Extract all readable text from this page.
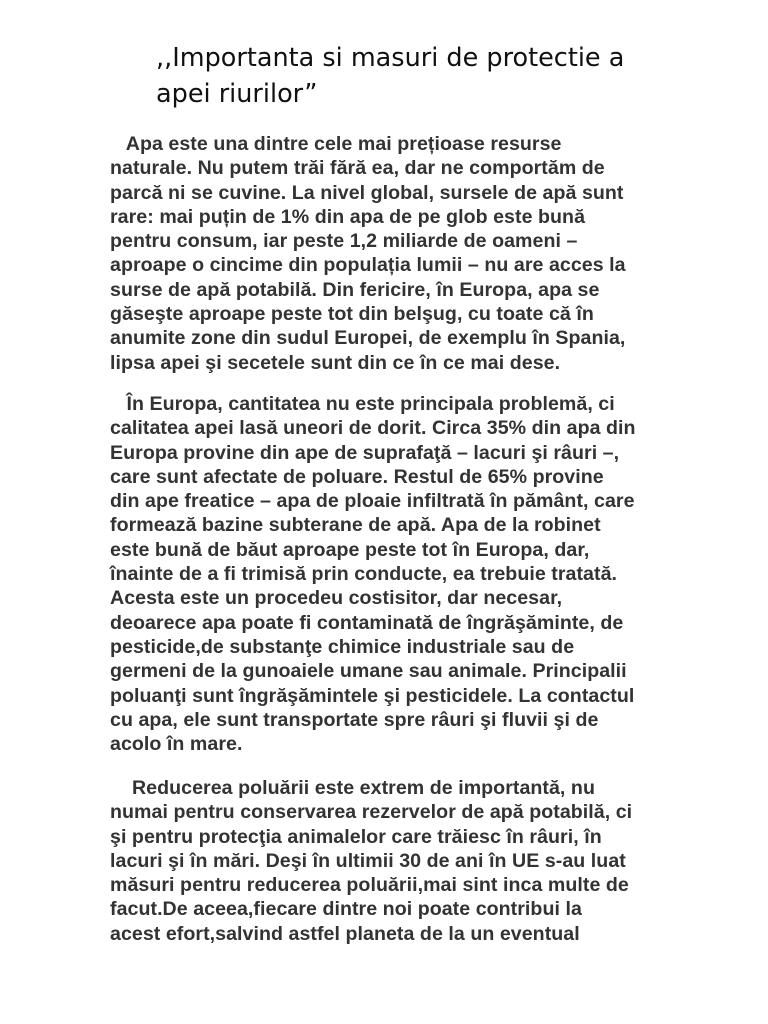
,,Importanta si masuri de protectie a
apei riurilor”

Apa este una dintre cele mai prețioase resurse
naturale. Nu putem trăi fără ea, dar ne comportăm de
parcă ni se cuvine. La nivel global, sursele de apă sunt
rare: mai puțin de 1% din apa de pe glob este bună
pentru consum, iar peste 1,2 miliarde de oameni –
aproape o cincime din populația lumii – nu are acces la
surse de apă potabilă. Din fericire, în Europa, apa se
găseşte aproape peste tot din belşug, cu toate că în
anumite zone din sudul Europei, de exemplu în Spania,
lipsa apei şi secetele sunt din ce în ce mai dese.

În Europa, cantitatea nu este principala problemă, ci
calitatea apei lasă uneori de dorit. Circa 35% din apa din
Europa provine din ape de suprafaţă – lacuri şi râuri –,
care sunt afectate de poluare. Restul de 65% provine
din ape freatice – apa de ploaie infiltrată în pământ, care
formează bazine subterane de apă. Apa de la robinet
este bună de băut aproape peste tot în Europa, dar,
înainte de a fi trimisă prin conducte, ea trebuie tratată.
Acesta este un procedeu costisitor, dar necesar,
deoarece apa poate fi contaminată de îngrăşăminte, de
pesticide,de substanţe chimice industriale sau de
germeni de la gunoaiele umane sau animale. Principalii
poluanţi sunt îngrăşămintele şi pesticidele. La contactul
cu apa, ele sunt transportate spre râuri şi fluvii şi de
acolo în mare.

Reducerea poluării este extrem de importantă, nu
numai pentru conservarea rezervelor de apă potabilă, ci
şi pentru protecţia animalelor care trăiesc în râuri, în
lacuri şi în mări. Deşi în ultimii 30 de ani în UE s-au luat
măsuri pentru reducerea poluării,mai sint inca multe de
facut.De aceea,fiecare dintre noi poate contribui la
acest efort,salvind astfel planeta de la un eventual
